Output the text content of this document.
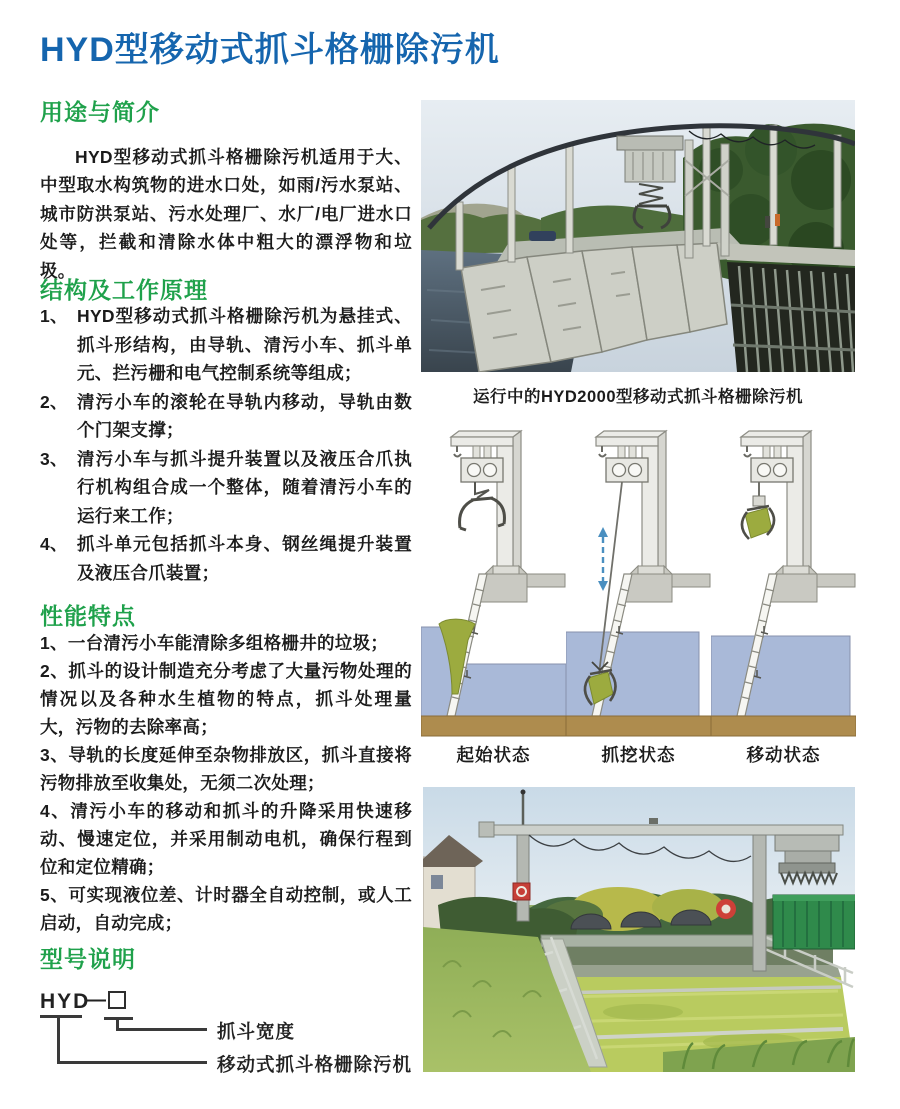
HYD型移动式抓斗格栅除污机
用途与简介

HYD型移动式抓斗格栅除污机适用于大、中型取水构筑物的进水口处，如雨/污水泵站、城市防洪泵站、污水处理厂、水厂/电厂进水口处等，拦截和清除水体中粗大的漂浮物和垃圾。

结构及工作原理
1、 HYD型移动式抓斗格栅除污机为悬挂式、抓斗形结构，由导轨、清污小车、抓斗单元、拦污栅和电气控制系统等组成；
2、 清污小车的滚轮在导轨内移动，导轨由数个门架支撑；
3、 清污小车与抓斗提升装置以及液压合爪执行机构组合成一个整体，随着清污小车的运行来工作；
4、 抓斗单元包括抓斗本身、钢丝绳提升装置及液压合爪装置；
性能特点

1、一台清污小车能清除多组格栅井的垃圾；

2、抓斗的设计制造充分考虑了大量污物处理的情况以及各种水生植物的特点，抓斗处理量大，污物的去除率高；

3、导轨的长度延伸至杂物排放区，抓斗直接将污物排放至收集处，无须二次处理；

4、清污小车的移动和抓斗的升降采用快速移动、慢速定位，并采用制动电机，确保行程到位和定位精确；

5、可实现液位差、计时器全自动控制，或人工启动，自动完成；

型号说明
HYD
—
抓斗宽度
移动式抓斗格栅除污机
运行中的HYD2000型移动式抓斗格栅除污机
起始状态	抓挖状态	移动状态
